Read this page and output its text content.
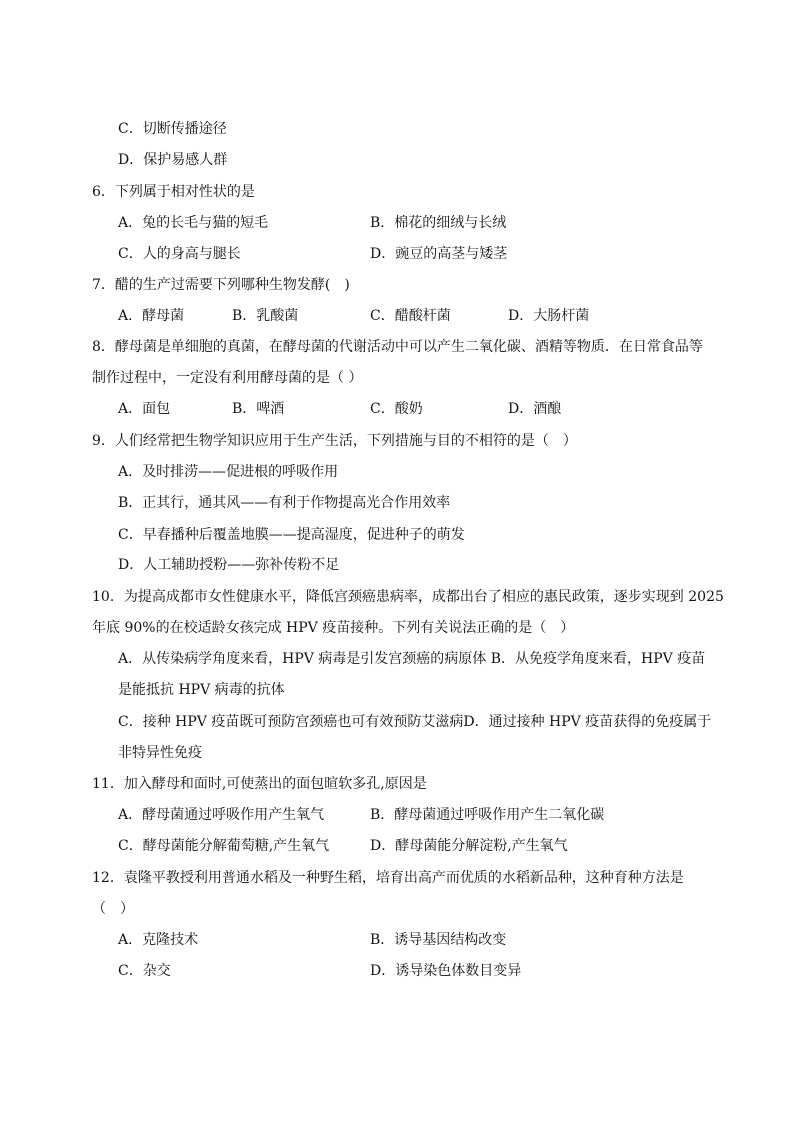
C．切断传播途径
D．保护易感人群
6．下列属于相对性状的是
A．兔的长毛与猫的短毛	B．棉花的细绒与长绒
C．人的身高与腿长	D．豌豆的高茎与矮茎
7．醋的生产过需要下列哪种生物发酵(　)
A．酵母菌	B．乳酸菌	C．醋酸杆菌	D．大肠杆菌
8．酵母菌是单细胞的真菌，在酵母菌的代谢活动中可以产生二氧化碳、酒精等物质．在日常食品等
制作过程中，一定没有利用酵母菌的是（ ）
A．面包	B．啤酒	C．酸奶	D．酒酿
9．人们经常把生物学知识应用于生产生活，下列措施与目的不相符的是（　）
A．及时排涝——促进根的呼吸作用
B．正其行，通其风——有利于作物提高光合作用效率
C．早春播种后覆盖地膜——提高湿度，促进种子的萌发
D．人工辅助授粉——弥补传粉不足
10．为提高成都市女性健康水平，降低宫颈癌患病率，成都出台了相应的惠民政策，逐步实现到 2025
年底 90%的在校适龄女孩完成 HPV 疫苗接种。下列有关说法正确的是（　）
A．从传染病学角度来看，HPV 病毒是引发宫颈癌的病原体 B．从免疫学角度来看，HPV 疫苗
是能抵抗 HPV 病毒的抗体
C．接种 HPV 疫苗既可预防宫颈癌也可有效预防艾滋病D．通过接种 HPV 疫苗获得的免疫属于
非特异性免疫
11．加入酵母和面时,可使蒸出的面包暄软多孔,原因是
A．酵母菌通过呼吸作用产生氧气	B．酵母菌通过呼吸作用产生二氧化碳
C．酵母菌能分解葡萄糖,产生氧气	D．酵母菌能分解淀粉,产生氧气
12．袁隆平教授利用普通水稻及一种野生稻，培育出高产而优质的水稻新品种，这种育种方法是
（　）
A．克隆技术	B．诱导基因结构改变
C．杂交	D．诱导染色体数目变异
